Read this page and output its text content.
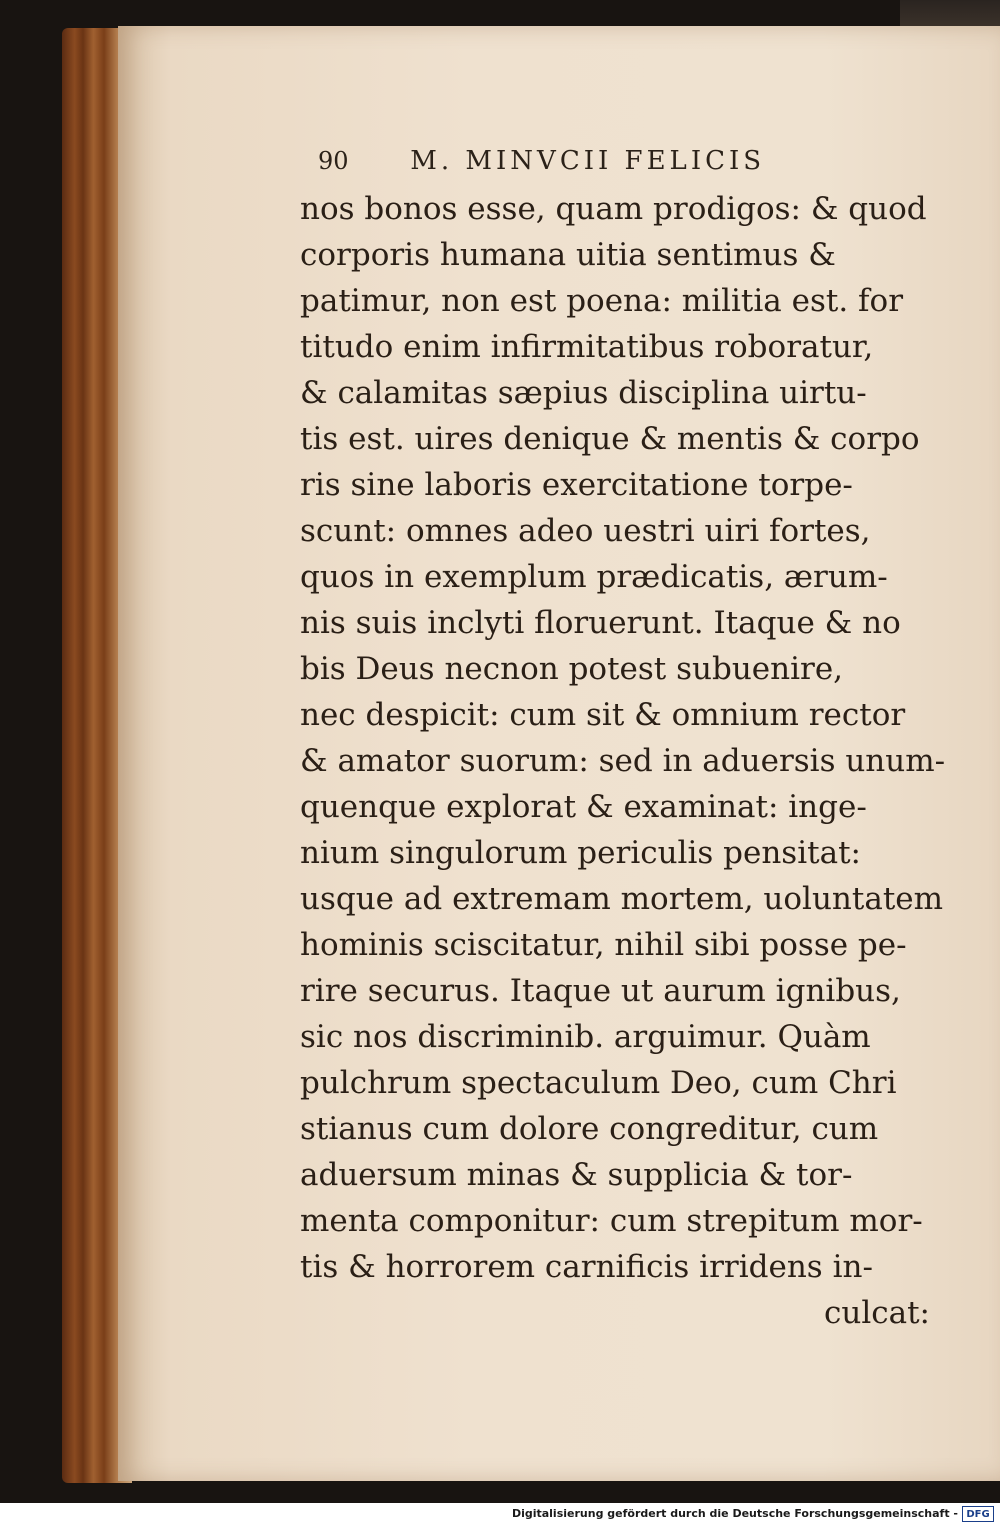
90 M. MINVCII FELICIS
nos bonos esse, quam prodigos: & quod
corporis humana uitia sentimus &
patimur, non est poena: militia est. for
titudo enim infirmitatibus roboratur,
& calamitas sæpius disciplina uirtu-
tis est. uires denique & mentis & corpo
ris sine laboris exercitatione torpe-
scunt: omnes adeo uestri uiri fortes,
quos in exemplum prædicatis, ærum-
nis suis inclyti floruerunt. Itaque & no
bis Deus necnon potest subuenire,
nec despicit: cum sit & omnium rector
& amator suorum: sed in aduersis unum-
quenque explorat & examinat: inge-
nium singulorum periculis pensitat:
usque ad extremam mortem, uoluntatem
hominis sciscitatur, nihil sibi posse pe-
rire securus. Itaque ut aurum ignibus,
sic nos discriminib. arguimur. Quàm
pulchrum spectaculum Deo, cum Chri
stianus cum dolore congreditur, cum
aduersum minas & supplicia & tor-
menta componitur: cum strepitum mor-
tis & horrorem carnificis irridens in-
culcat:
Digitalisierung gefördert durch die Deutsche Forschungsgemeinschaft - DFG
